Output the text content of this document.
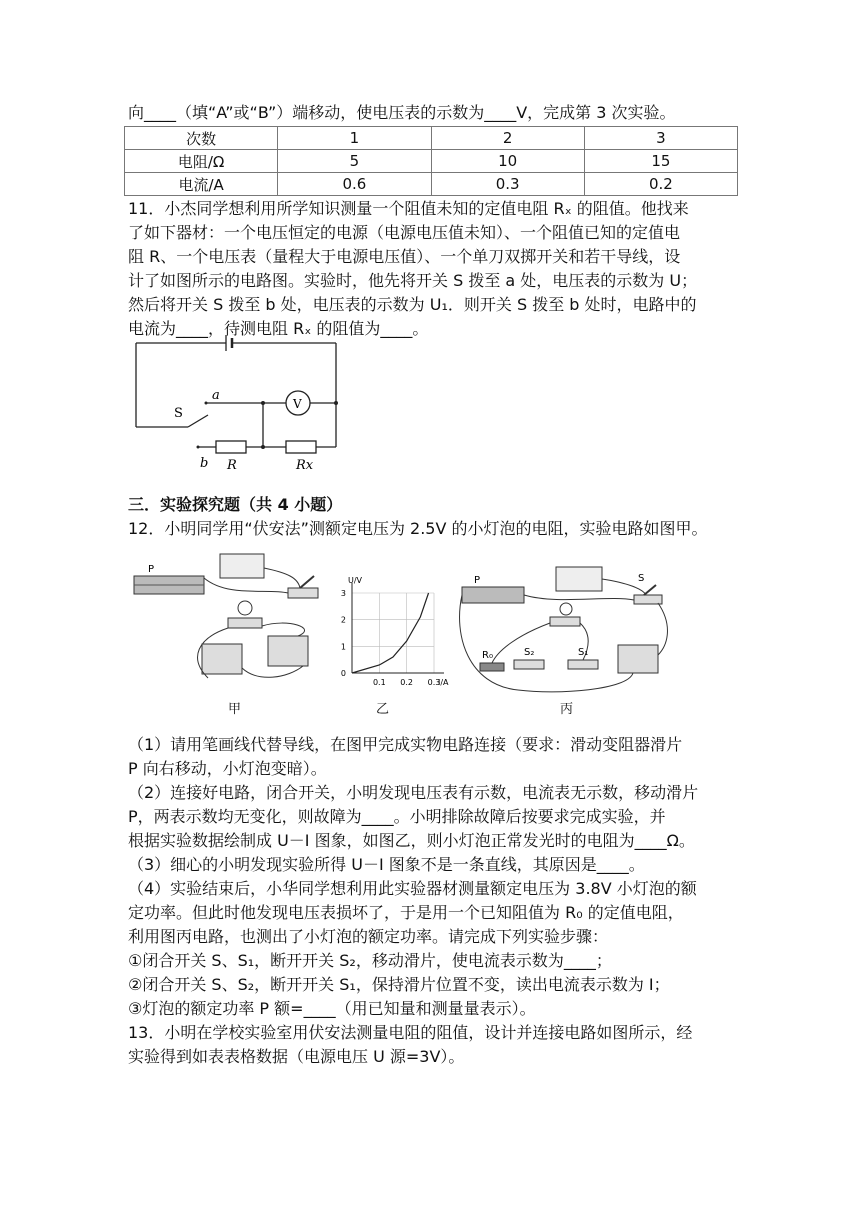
向____（填“A”或“B”）端移动，使电压表的示数为____V，完成第 3 次实验。
次数	1	2	3
电阻/Ω	5	10	15
电流/A	0.6	0.3	0.2
11．小杰同学想利用所学知识测量一个阻值未知的定值电阻 Rₓ 的阻值。他找来
了如下器材：一个电压恒定的电源（电源电压值未知）、一个阻值已知的定值电
阻 R、一个电压表（量程大于电源电压值）、一个单刀双掷开关和若干导线，设
计了如图所示的电路图。实验时，他先将开关 S 拨至 a 处，电压表的示数为 U；
然后将开关 S 拨至 b 处，电压表的示数为 U₁．则开关 S 拨至 b 处时，电路中的
电流为____，待测电阻 Rₓ 的阻值为____。
a
b
S
V
R	Rx
三．实验探究题（共 4 小题）
12．小明同学用“伏安法”测额定电压为 2.5V 的小灯泡的电阻，实验电路如图甲。
P
甲
0.1 0.2 0.3
0
1
2
3
I/A
U/V
乙
P	S
R₀	S₂	S₁
丙
（1）请用笔画线代替导线，在图甲完成实物电路连接（要求：滑动变阻器滑片
P 向右移动，小灯泡变暗）。
（2）连接好电路，闭合开关，小明发现电压表有示数，电流表无示数，移动滑片
P，两表示数均无变化，则故障为____。小明排除故障后按要求完成实验，并
根据实验数据绘制成 U－I 图象，如图乙，则小灯泡正常发光时的电阻为____Ω。
（3）细心的小明发现实验所得 U－I 图象不是一条直线，其原因是____。
（4）实验结束后，小华同学想利用此实验器材测量额定电压为 3.8V 小灯泡的额
定功率。但此时他发现电压表损坏了，于是用一个已知阻值为 R₀ 的定值电阻，
利用图丙电路，也测出了小灯泡的额定功率。请完成下列实验步骤：
①闭合开关 S、S₁，断开开关 S₂，移动滑片，使电流表示数为____；
②闭合开关 S、S₂，断开开关 S₁，保持滑片位置不变，读出电流表示数为 I；
③灯泡的额定功率 P 额=____（用已知量和测量量表示）。
13．小明在学校实验室用伏安法测量电阻的阻值，设计并连接电路如图所示，经
实验得到如表表格数据（电源电压 U 源=3V）。
